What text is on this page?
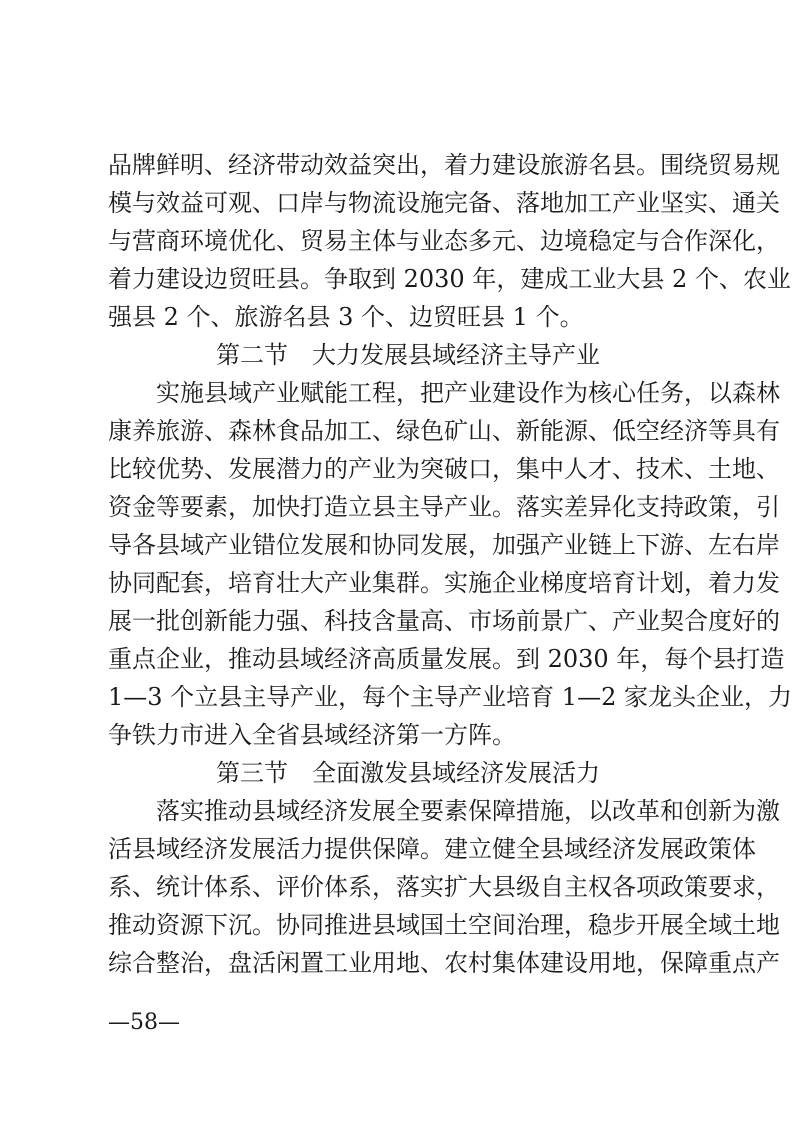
品牌鲜明、经济带动效益突出，着力建设旅游名县。围绕贸易规
模与效益可观、口岸与物流设施完备、落地加工产业坚实、通关
与营商环境优化、贸易主体与业态多元、边境稳定与合作深化，
着力建设边贸旺县。争取到 2030 年，建成工业大县 2 个、农业
强县 2 个、旅游名县 3 个、边贸旺县 1 个。
第二节　大力发展县域经济主导产业
　　实施县域产业赋能工程，把产业建设作为核心任务，以森林
康养旅游、森林食品加工、绿色矿山、新能源、低空经济等具有
比较优势、发展潜力的产业为突破口，集中人才、技术、土地、
资金等要素，加快打造立县主导产业。落实差异化支持政策，引
导各县域产业错位发展和协同发展，加强产业链上下游、左右岸
协同配套，培育壮大产业集群。实施企业梯度培育计划，着力发
展一批创新能力强、科技含量高、市场前景广、产业契合度好的
重点企业，推动县域经济高质量发展。到 2030 年，每个县打造
1—3 个立县主导产业，每个主导产业培育 1—2 家龙头企业，力
争铁力市进入全省县域经济第一方阵。
第三节　全面激发县域经济发展活力
　　落实推动县域经济发展全要素保障措施，以改革和创新为激
活县域经济发展活力提供保障。建立健全县域经济发展政策体
系、统计体系、评价体系，落实扩大县级自主权各项政策要求，
推动资源下沉。协同推进县域国土空间治理，稳步开展全域土地
综合整治，盘活闲置工业用地、农村集体建设用地，保障重点产
—58—
